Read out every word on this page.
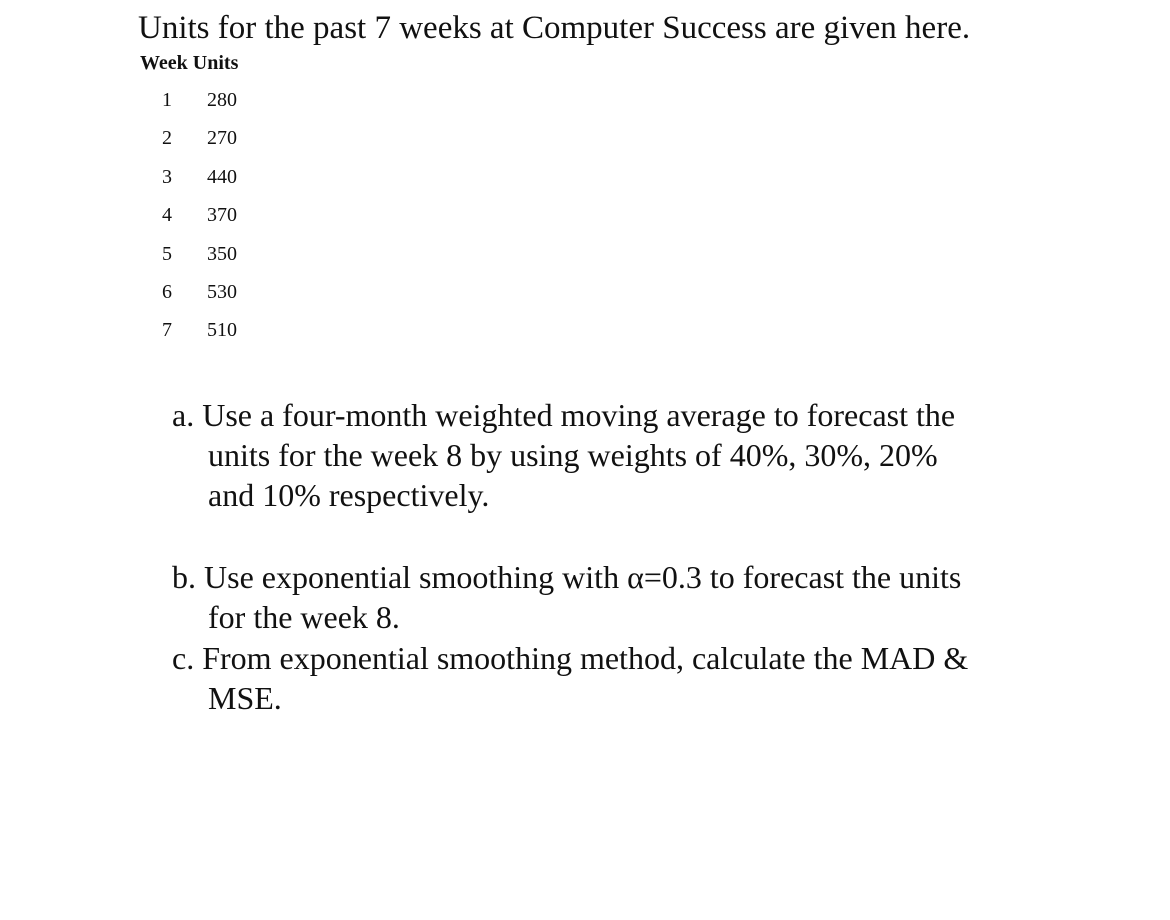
Units for the past 7 weeks at Computer Success are given here.
Week Units
1 280
2 270
3 440
4 370
5 350
6 530
7 510
a. Use a four-month weighted moving average to forecast the
units for the week 8 by using weights of 40%, 30%, 20%
and 10% respectively.
b. Use exponential smoothing with α=0.3 to forecast the units
for the week 8.
c. From exponential smoothing method, calculate the MAD &
MSE.
